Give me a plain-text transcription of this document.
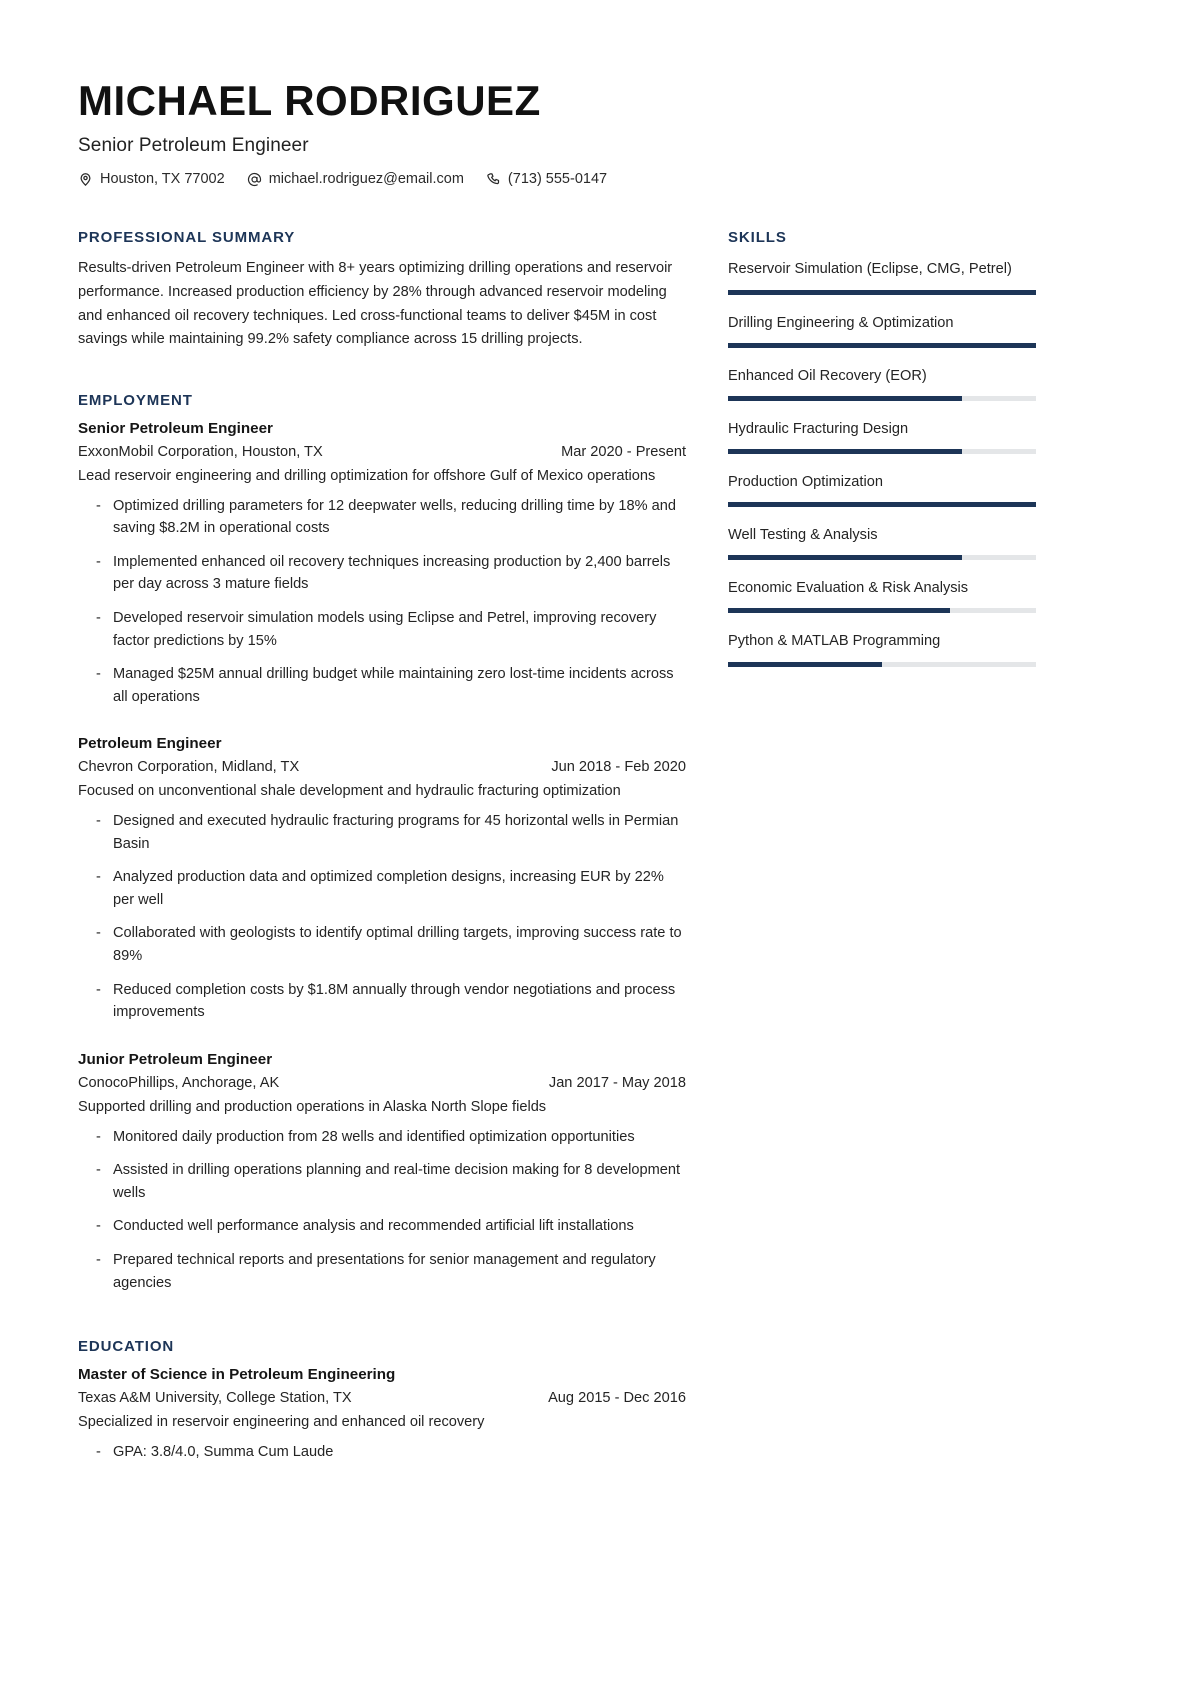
MICHAEL RODRIGUEZ
Senior Petroleum Engineer
Houston, TX 77002	michael.rodriguez@email.com	(713) 555-0147
PROFESSIONAL SUMMARY

Results-driven Petroleum Engineer with 8+ years optimizing drilling operations and reservoir performance. Increased production efficiency by 28% through advanced reservoir modeling and enhanced oil recovery techniques. Led cross-functional teams to deliver $45M in cost savings while maintaining 99.2% safety compliance across 15 drilling projects.

EMPLOYMENT
Senior Petroleum Engineer
ExxonMobil Corporation, Houston, TX	Mar 2020 - Present

Lead reservoir engineering and drilling optimization for offshore Gulf of Mexico operations

- Optimized drilling parameters for 12 deepwater wells, reducing drilling time by 18% and saving $8.2M in operational costs
- Implemented enhanced oil recovery techniques increasing production by 2,400 barrels per day across 3 mature fields
- Developed reservoir simulation models using Eclipse and Petrel, improving recovery factor predictions by 15%
- Managed $25M annual drilling budget while maintaining zero lost-time incidents across all operations
Petroleum Engineer
Chevron Corporation, Midland, TX	Jun 2018 - Feb 2020

Focused on unconventional shale development and hydraulic fracturing optimization

- Designed and executed hydraulic fracturing programs for 45 horizontal wells in Permian Basin
- Analyzed production data and optimized completion designs, increasing EUR by 22% per well
- Collaborated with geologists to identify optimal drilling targets, improving success rate to 89%
- Reduced completion costs by $1.8M annually through vendor negotiations and process improvements
Junior Petroleum Engineer
ConocoPhillips, Anchorage, AK	Jan 2017 - May 2018

Supported drilling and production operations in Alaska North Slope fields

- Monitored daily production from 28 wells and identified optimization opportunities
- Assisted in drilling operations planning and real-time decision making for 8 development wells
- Conducted well performance analysis and recommended artificial lift installations
- Prepared technical reports and presentations for senior management and regulatory agencies
EDUCATION
Master of Science in Petroleum Engineering
Texas A&M University, College Station, TX	Aug 2015 - Dec 2016

Specialized in reservoir engineering and enhanced oil recovery

- GPA: 3.8/4.0, Summa Cum Laude
SKILLS
Reservoir Simulation (Eclipse, CMG, Petrel)
Drilling Engineering & Optimization
Enhanced Oil Recovery (EOR)
Hydraulic Fracturing Design
Production Optimization
Well Testing & Analysis
Economic Evaluation & Risk Analysis
Python & MATLAB Programming
